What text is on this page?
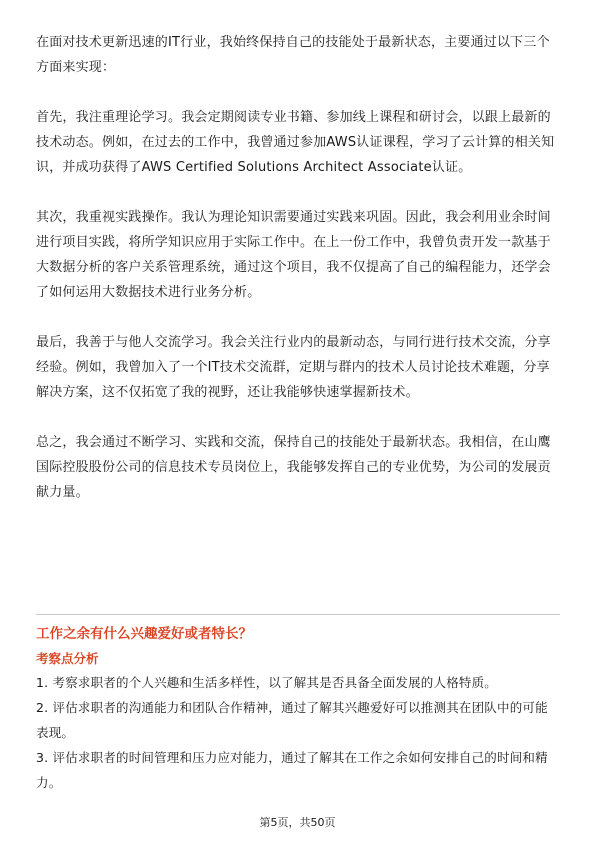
在面对技术更新迅速的IT行业，我始终保持自己的技能处于最新状态，主要通过以下三个方面来实现：

首先，我注重理论学习。我会定期阅读专业书籍、参加线上课程和研讨会，以跟上最新的技术动态。例如，在过去的工作中，我曾通过参加AWS认证课程，学习了云计算的相关知识，并成功获得了AWS Certified Solutions Architect Associate认证。

其次，我重视实践操作。我认为理论知识需要通过实践来巩固。因此，我会利用业余时间进行项目实践，将所学知识应用于实际工作中。在上一份工作中，我曾负责开发一款基于大数据分析的客户关系管理系统，通过这个项目，我不仅提高了自己的编程能力，还学会了如何运用大数据技术进行业务分析。

最后，我善于与他人交流学习。我会关注行业内的最新动态，与同行进行技术交流，分享经验。例如，我曾加入了一个IT技术交流群，定期与群内的技术人员讨论技术难题，分享解决方案，这不仅拓宽了我的视野，还让我能够快速掌握新技术。

总之，我会通过不断学习、实践和交流，保持自己的技能处于最新状态。我相信，在山鹰国际控股股份公司的信息技术专员岗位上，我能够发挥自己的专业优势，为公司的发展贡献力量。

工作之余有什么兴趣爱好或者特长？

考察点分析

1. 考察求职者的个人兴趣和生活多样性，以了解其是否具备全面发展的人格特质。

2. 评估求职者的沟通能力和团队合作精神，通过了解其兴趣爱好可以推测其在团队中的可能表现。

3. 评估求职者的时间管理和压力应对能力，通过了解其在工作之余如何安排自己的时间和精力。

第5页，共50页
